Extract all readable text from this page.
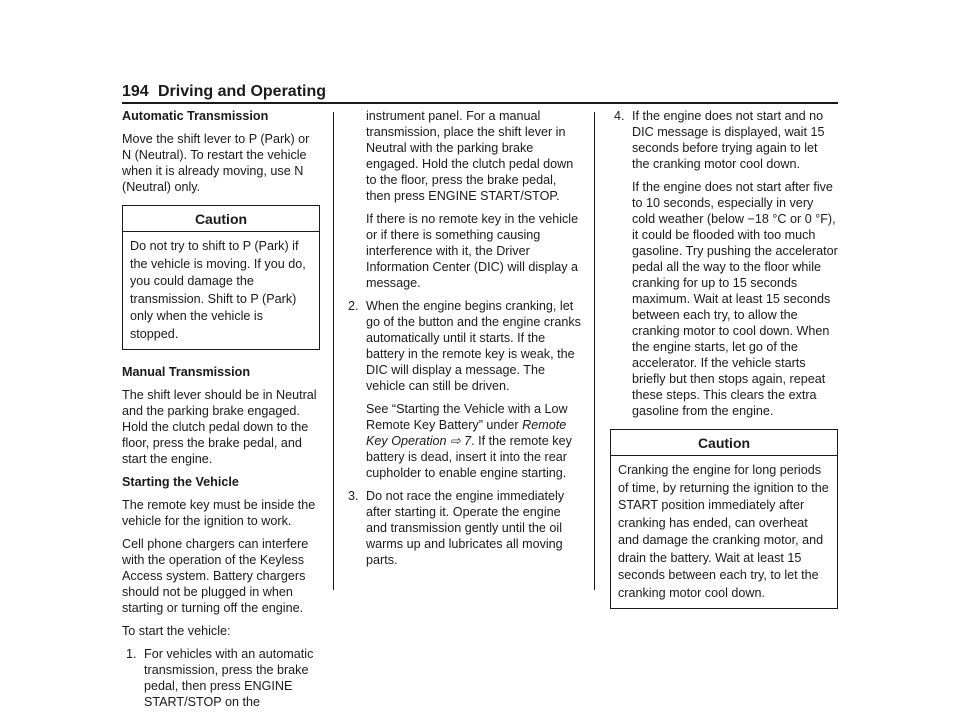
194 Driving and Operating
Automatic Transmission

Move the shift lever to P (Park) or N (Neutral). To restart the vehicle when it is already moving, use N (Neutral) only.

Caution
Do not try to shift to P (Park) if the vehicle is moving. If you do, you could damage the transmission. Shift to P (Park) only when the vehicle is stopped.
Manual Transmission

The shift lever should be in Neutral and the parking brake engaged. Hold the clutch pedal down to the floor, press the brake pedal, and start the engine.

Starting the Vehicle

The remote key must be inside the vehicle for the ignition to work.

Cell phone chargers can interfere with the operation of the Keyless Access system. Battery chargers should not be plugged in when starting or turning off the engine.

To start the vehicle:

1. For vehicles with an automatic transmission, press the brake pedal, then press ENGINE START/STOP on the

instrument panel. For a manual transmission, place the shift lever in Neutral with the parking brake engaged. Hold the clutch pedal down to the floor, press the brake pedal, then press ENGINE START/STOP.

If there is no remote key in the vehicle or if there is something causing interference with it, the Driver Information Center (DIC) will display a message.

2. When the engine begins cranking, let go of the button and the engine cranks automatically until it starts. If the battery in the remote key is weak, the DIC will display a message. The vehicle can still be driven.

See “Starting the Vehicle with a Low Remote Key Battery” under Remote Key Operation ⇨ 7. If the remote key battery is dead, insert it into the rear cupholder to enable engine starting.

3. Do not race the engine immediately after starting it. Operate the engine and transmission gently until the oil warms up and lubricates all moving parts.

4. If the engine does not start and no DIC message is displayed, wait 15 seconds before trying again to let the cranking motor cool down.

If the engine does not start after five to 10 seconds, especially in very cold weather (below −18 °C or 0 °F), it could be flooded with too much gasoline. Try pushing the accelerator pedal all the way to the floor while cranking for up to 15 seconds maximum. Wait at least 15 seconds between each try, to allow the cranking motor to cool down. When the engine starts, let go of the accelerator. If the vehicle starts briefly but then stops again, repeat these steps. This clears the extra gasoline from the engine.

Caution
Cranking the engine for long periods of time, by returning the ignition to the START position immediately after cranking has ended, can overheat and damage the cranking motor, and drain the battery. Wait at least 15 seconds between each try, to let the cranking motor cool down.
